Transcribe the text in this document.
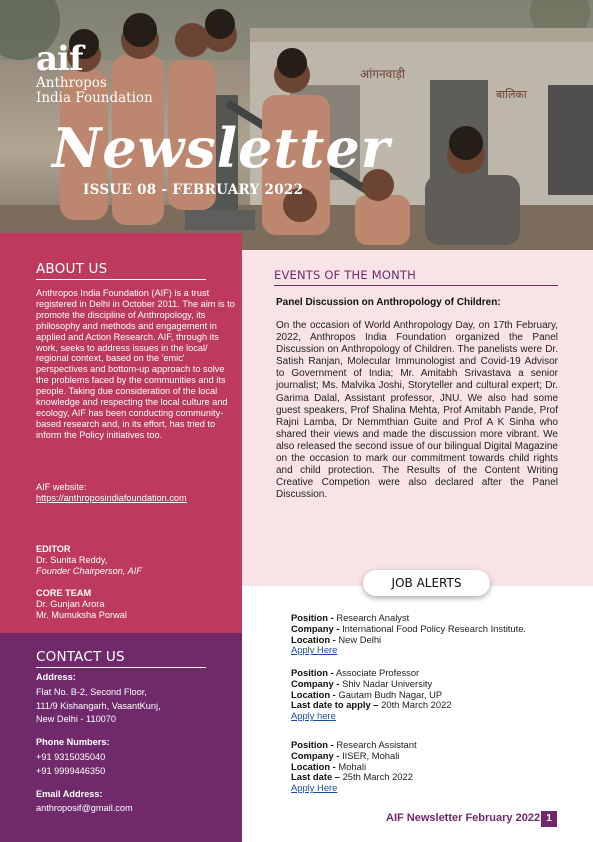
आंगनवाड़ी
बालिका
aif
Anthropos
India Foundation
Newsletter
ISSUE 08 - FEBRUARY 2022
ABOUT US
Anthropos India Foundation (AIF) is a trust registered in Delhi in October 2011. The aim is to promote the discipline of Anthropology, its philosophy and methods and engagement in applied and Action Research. AIF, through its work, seeks to address issues in the local/ regional context, based on the 'emic' perspectives and bottom-up approach to solve the problems faced by the communities and its people. Taking due consideration of the local knowledge and respecting the local culture and ecology, AIF has been conducting community-based research and, in its effort, has tried to inform the Policy initiatives too.
AIF website:
https://anthroposindiafoundation.com
EDITOR
Dr. Sunita Reddy,
Founder Chairperson, AIF
CORE TEAM
Dr. Gunjan Arora
Mr. Mumuksha Porwal
CONTACT US
Address:
Flat No. B-2, Second Floor,
111/9 Kishangarh, VasantKunj,
New Delhi - 110070
Phone Numbers:
+91 9315035040
+91 9999446350
Email Address:
anthroposif@gmail.com
EVENTS OF THE MONTH
Panel Discussion on Anthropology of Children:
On the occasion of World Anthropology Day, on 17th February, 2022, Anthropos India Foundation organized the Panel Discussion on Anthropology of Children. The panelists were Dr. Satish Ranjan, Molecular Immunologist and Covid-19 Advisor to Government of India; Mr. Amitabh Srivastava a senior journalist; Ms. Malvika Joshi, Storyteller and cultural expert; Dr. Garima Dalal, Assistant professor, JNU. We also had some guest speakers, Prof Shalina Mehta, Prof Amitabh Pande, Prof Rajni Lamba, Dr Nemmthian Guite and Prof A K Sinha who shared their views and made the discussion more vibrant. We also released the second issue of our bilingual Digital Magazine on the occasion to mark our commitment towards child rights and child protection. The Results of the Content Writing Creative Competion were also declared after the Panel Discussion.
JOB ALERTS
Position - Research Analyst
Company - International Food Policy Research Institute.
Location - New Delhi
Apply Here
Position - Associate Professor
Company - Shiv Nadar University
Location - Gautam Budh Nagar, UP
Last date to apply – 20th March 2022
Apply here
Position - Research Assistant
Company - IISER, Mohali
Location - Mohali
Last date – 25th March 2022
Apply Here
AIF Newsletter February 2022 1
